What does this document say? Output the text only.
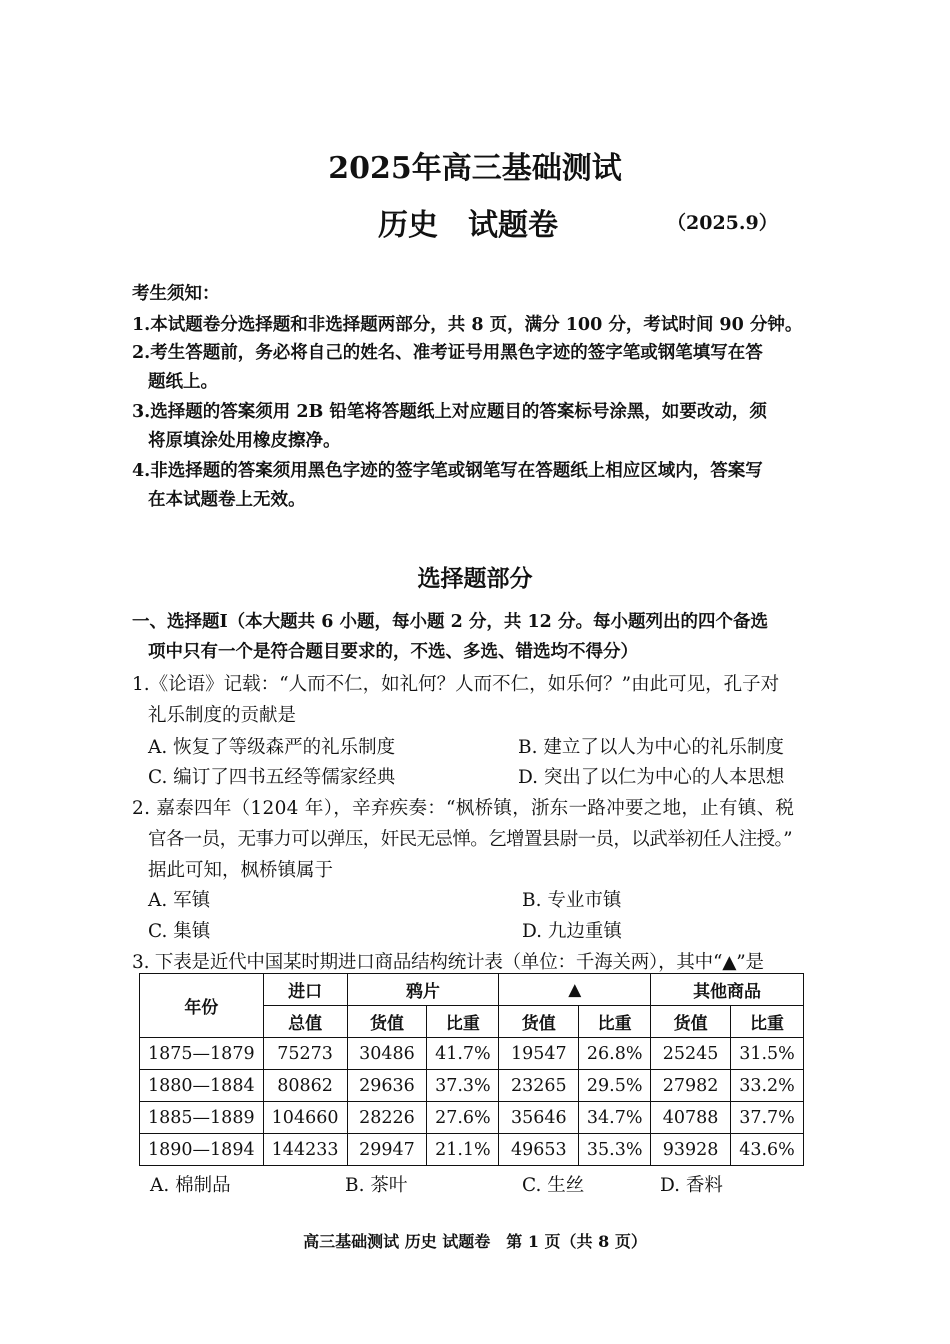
2025年高三基础测试
历史　试题卷	（2025.9）
考生须知：
1.本试题卷分选择题和非选择题两部分，共 8 页，满分 100 分，考试时间 90 分钟。
2.考生答题前，务必将自己的姓名、准考证号用黑色字迹的签字笔或钢笔填写在答
题纸上。
3.选择题的答案须用 2B 铅笔将答题纸上对应题目的答案标号涂黑，如要改动，须
将原填涂处用橡皮擦净。
4.非选择题的答案须用黑色字迹的签字笔或钢笔写在答题纸上相应区域内，答案写
在本试题卷上无效。
选择题部分
一、选择题Ⅰ（本大题共 6 小题，每小题 2 分，共 12 分。每小题列出的四个备选
项中只有一个是符合题目要求的，不选、多选、错选均不得分）
1.《论语》记载：“人而不仁，如礼何？人而不仁，如乐何？”由此可见，孔子对
礼乐制度的贡献是
A. 恢复了等级森严的礼乐制度	B. 建立了以人为中心的礼乐制度
C. 编订了四书五经等儒家经典	D. 突出了以仁为中心的人本思想
2. 嘉泰四年（1204 年），辛弃疾奏：“枫桥镇，浙东一路冲要之地，止有镇、税
官各一员，无事力可以弹压，奸民无忌惮。乞增置县尉一员，以武举初任人注授。”
据此可知，枫桥镇属于
A. 军镇	B. 专业市镇
C. 集镇	D. 九边重镇
3. 下表是近代中国某时期进口商品结构统计表（单位：千海关两），其中“▲”是
年份	进口	鸦片		▲		其他商品	
	总值	货值	比重	货值	比重	货值	比重
1875—1879	75273	30486	41.7%	19547	26.8%	25245	31.5%
1880—1884	80862	29636	37.3%	23265	29.5%	27982	33.2%
1885—1889	104660	28226	27.6%	35646	34.7%	40788	37.7%
1890—1894	144233	29947	21.1%	49653	35.3%	93928	43.6%
A. 棉制品	B. 茶叶	C. 生丝	D. 香料
高三基础测试 历史 试题卷　第 1 页（共 8 页）
